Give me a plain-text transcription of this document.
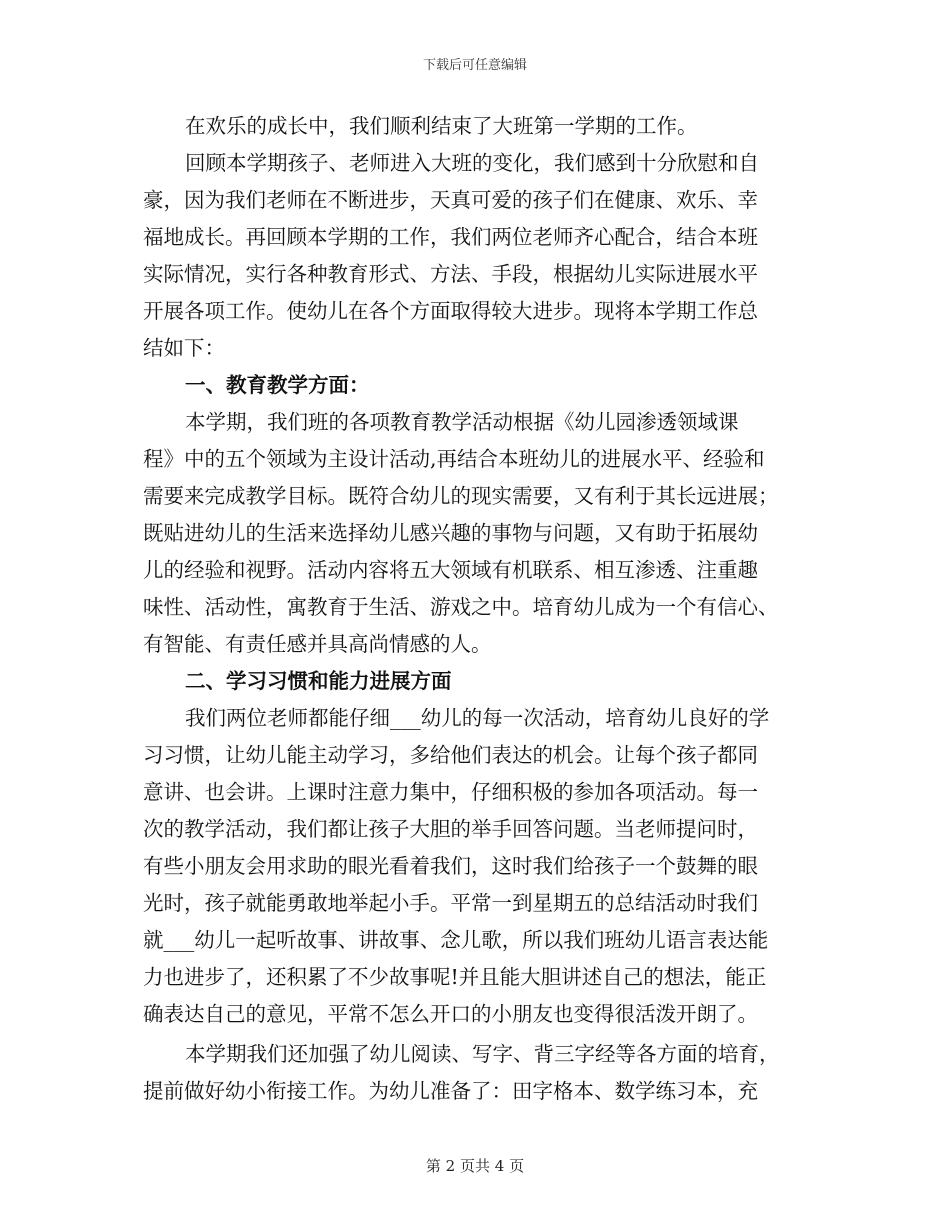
下载后可任意编辑
在欢乐的成长中，我们顺利结束了大班第一学期的工作。
回顾本学期孩子、老师进入大班的变化，我们感到十分欣慰和自
豪，因为我们老师在不断进步，天真可爱的孩子们在健康、欢乐、幸
福地成长。再回顾本学期的工作，我们两位老师齐心配合，结合本班
实际情况，实行各种教育形式、方法、手段，根据幼儿实际进展水平
开展各项工作。使幼儿在各个方面取得较大进步。现将本学期工作总
结如下：
一、教育教学方面：
本学期，我们班的各项教育教学活动根据《幼儿园渗透领域课
程》中的五个领域为主设计活动,再结合本班幼儿的进展水平、经验和
需要来完成教学目标。既符合幼儿的现实需要，又有利于其长远进展；
既贴进幼儿的生活来选择幼儿感兴趣的事物与问题，又有助于拓展幼
儿的经验和视野。活动内容将五大领域有机联系、相互渗透、注重趣
味性、活动性，寓教育于生活、游戏之中。培育幼儿成为一个有信心、
有智能、有责任感并具高尚情感的人。
二、学习习惯和能力进展方面
我们两位老师都能仔细___幼儿的每一次活动，培育幼儿良好的学
习习惯，让幼儿能主动学习，多给他们表达的机会。让每个孩子都同
意讲、也会讲。上课时注意力集中，仔细积极的参加各项活动。每一
次的教学活动，我们都让孩子大胆的举手回答问题。当老师提问时，
有些小朋友会用求助的眼光看着我们，这时我们给孩子一个鼓舞的眼
光时，孩子就能勇敢地举起小手。平常一到星期五的总结活动时我们
就___幼儿一起听故事、讲故事、念儿歌，所以我们班幼儿语言表达能
力也进步了，还积累了不少故事呢!并且能大胆讲述自己的想法，能正
确表达自己的意见，平常不怎么开口的小朋友也变得很活泼开朗了。
本学期我们还加强了幼儿阅读、写字、背三字经等各方面的培育，
提前做好幼小衔接工作。为幼儿准备了：田字格本、数学练习本，充
第 2 页共 4 页
